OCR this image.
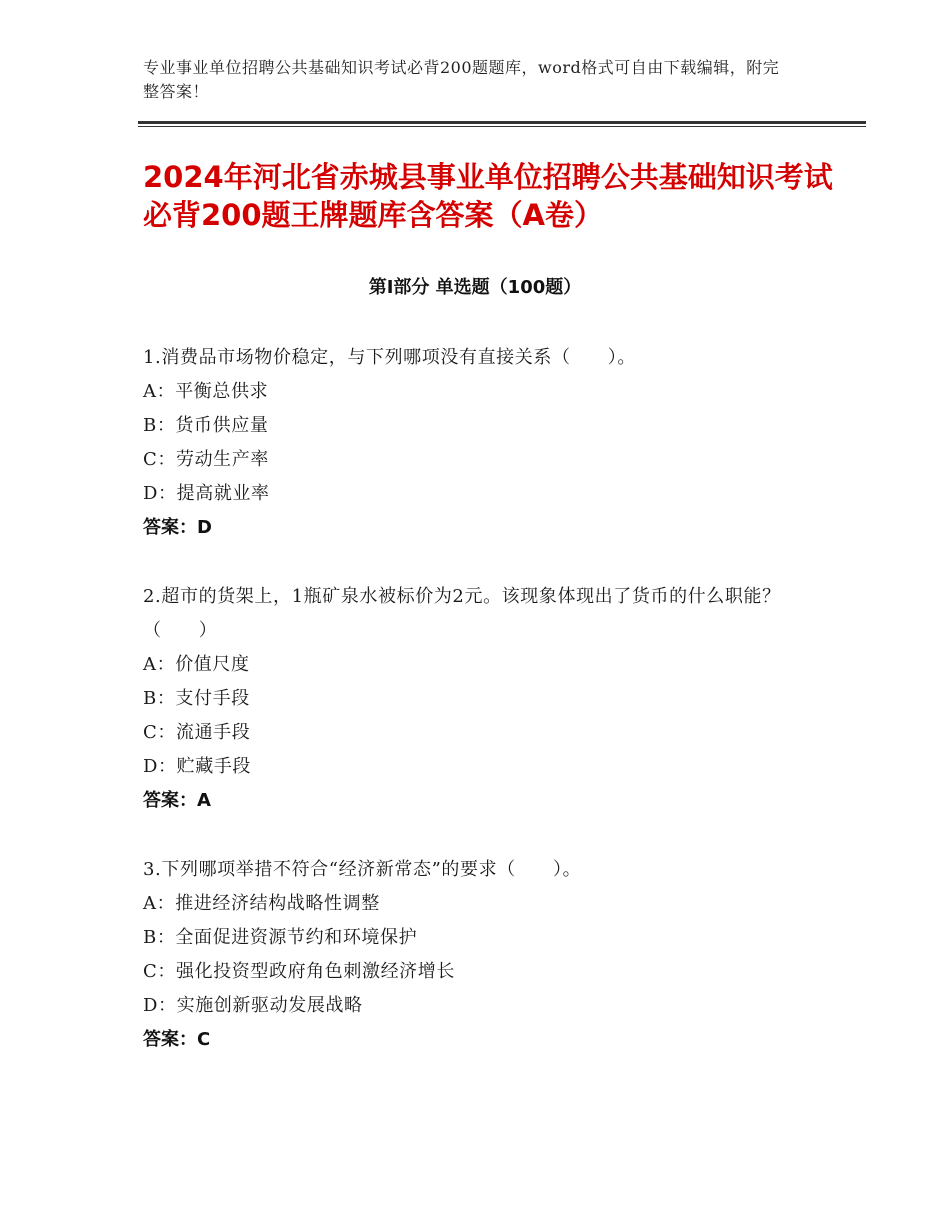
专业事业单位招聘公共基础知识考试必背200题题库，word格式可自由下载编辑，附完整答案！
2024年河北省赤城县事业单位招聘公共基础知识考试必背200题王牌题库含答案（A卷）
第Ⅰ部分 单选题（100题）
1.消费品市场物价稳定，与下列哪项没有直接关系（　　）。
A：平衡总供求
B：货币供应量
C：劳动生产率
D：提高就业率
答案：D
2.超市的货架上，1瓶矿泉水被标价为2元。该现象体现出了货币的什么职能？（　　）
A：价值尺度
B：支付手段
C：流通手段
D：贮藏手段
答案：A
3.下列哪项举措不符合“经济新常态”的要求（　　）。
A：推进经济结构战略性调整
B：全面促进资源节约和环境保护
C：强化投资型政府角色刺激经济增长
D：实施创新驱动发展战略
答案：C
